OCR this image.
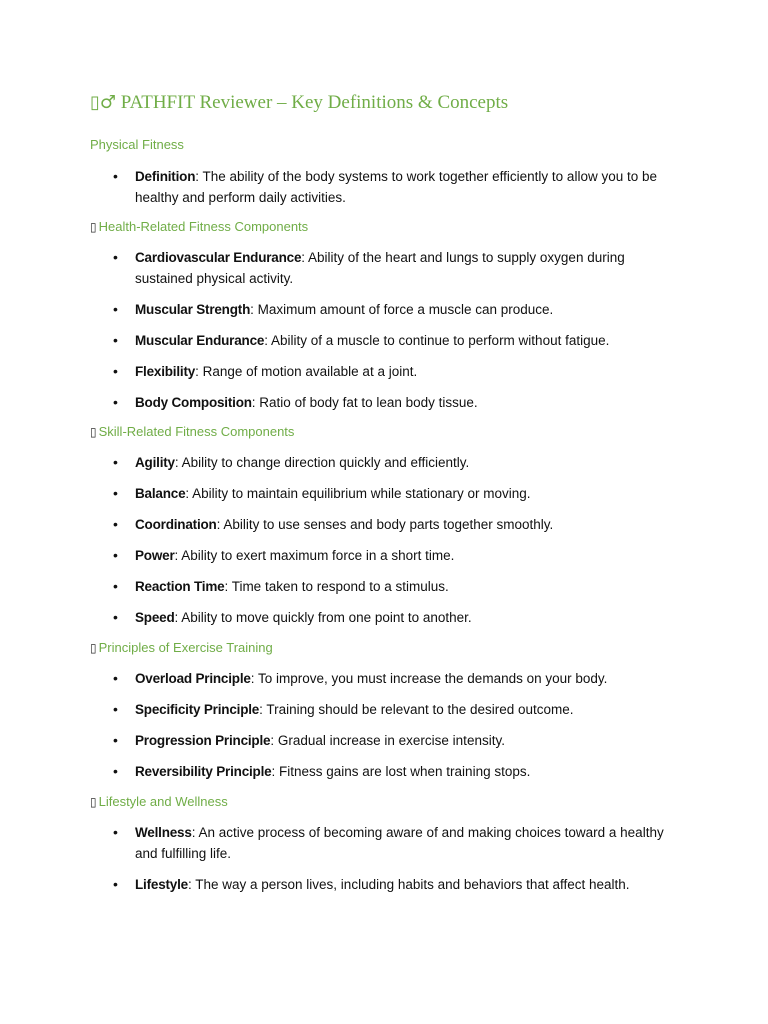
▯♂ PATHFIT Reviewer – Key Definitions & Concepts
Physical Fitness
• Definition: The ability of the body systems to work together efficiently to allow you to be healthy and perform daily activities.
▯ Health-Related Fitness Components
• Cardiovascular Endurance: Ability of the heart and lungs to supply oxygen during sustained physical activity.
• Muscular Strength: Maximum amount of force a muscle can produce.
• Muscular Endurance: Ability of a muscle to continue to perform without fatigue.
• Flexibility: Range of motion available at a joint.
• Body Composition: Ratio of body fat to lean body tissue.
▯ Skill-Related Fitness Components
• Agility: Ability to change direction quickly and efficiently.
• Balance: Ability to maintain equilibrium while stationary or moving.
• Coordination: Ability to use senses and body parts together smoothly.
• Power: Ability to exert maximum force in a short time.
• Reaction Time: Time taken to respond to a stimulus.
• Speed: Ability to move quickly from one point to another.
▯ Principles of Exercise Training
• Overload Principle: To improve, you must increase the demands on your body.
• Specificity Principle: Training should be relevant to the desired outcome.
• Progression Principle: Gradual increase in exercise intensity.
• Reversibility Principle: Fitness gains are lost when training stops.
▯ Lifestyle and Wellness
• Wellness: An active process of becoming aware of and making choices toward a healthy and fulfilling life.
• Lifestyle: The way a person lives, including habits and behaviors that affect health.
